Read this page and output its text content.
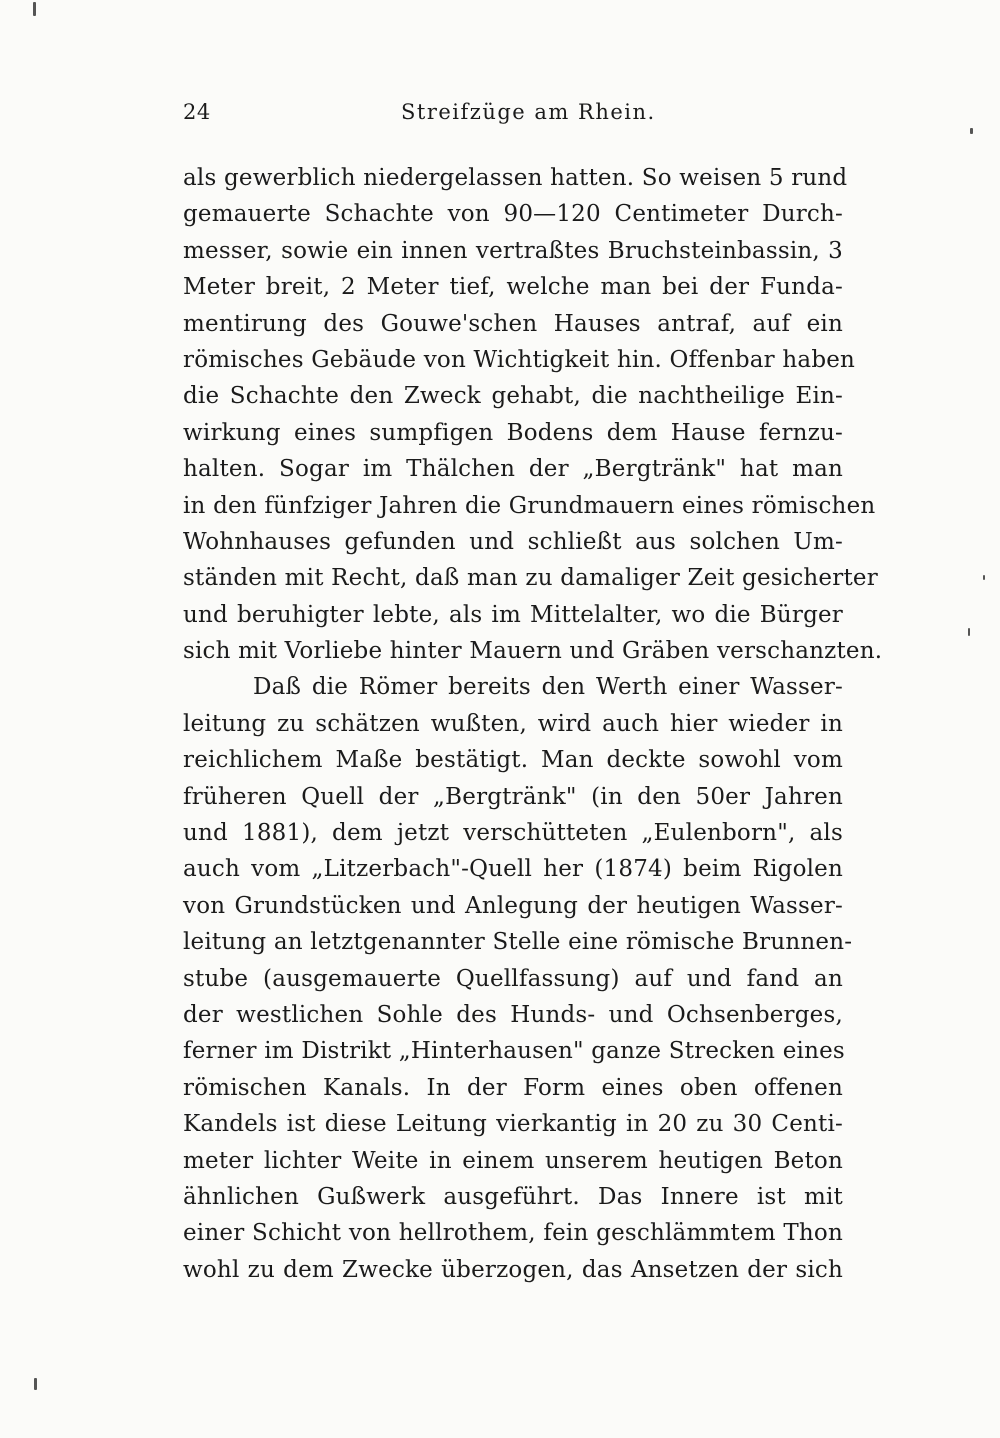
24	Streifzüge am Rhein.
als gewerblich niedergelassen hatten. So weisen 5 rund
gemauerte Schachte von 90—120 Centimeter Durch-
messer, sowie ein innen vertraßtes Bruchsteinbassin, 3
Meter breit, 2 Meter tief, welche man bei der Funda-
mentirung des Gouwe'schen Hauses antraf, auf ein
römisches Gebäude von Wichtigkeit hin. Offenbar haben
die Schachte den Zweck gehabt, die nachtheilige Ein-
wirkung eines sumpfigen Bodens dem Hause fernzu-
halten. Sogar im Thälchen der „Bergtränk" hat man
in den fünfziger Jahren die Grundmauern eines römischen
Wohnhauses gefunden und schließt aus solchen Um-
ständen mit Recht, daß man zu damaliger Zeit gesicherter
und beruhigter lebte, als im Mittelalter, wo die Bürger
sich mit Vorliebe hinter Mauern und Gräben verschanzten.
Daß die Römer bereits den Werth einer Wasser-
leitung zu schätzen wußten, wird auch hier wieder in
reichlichem Maße bestätigt. Man deckte sowohl vom
früheren Quell der „Bergtränk" (in den 50er Jahren
und 1881), dem jetzt verschütteten „Eulenborn", als
auch vom „Litzerbach"-Quell her (1874) beim Rigolen
von Grundstücken und Anlegung der heutigen Wasser-
leitung an letztgenannter Stelle eine römische Brunnen-
stube (ausgemauerte Quellfassung) auf und fand an
der westlichen Sohle des Hunds- und Ochsenberges,
ferner im Distrikt „Hinterhausen" ganze Strecken eines
römischen Kanals. In der Form eines oben offenen
Kandels ist diese Leitung vierkantig in 20 zu 30 Centi-
meter lichter Weite in einem unserem heutigen Beton
ähnlichen Gußwerk ausgeführt. Das Innere ist mit
einer Schicht von hellrothem, fein geschlämmtem Thon
wohl zu dem Zwecke überzogen, das Ansetzen der sich
